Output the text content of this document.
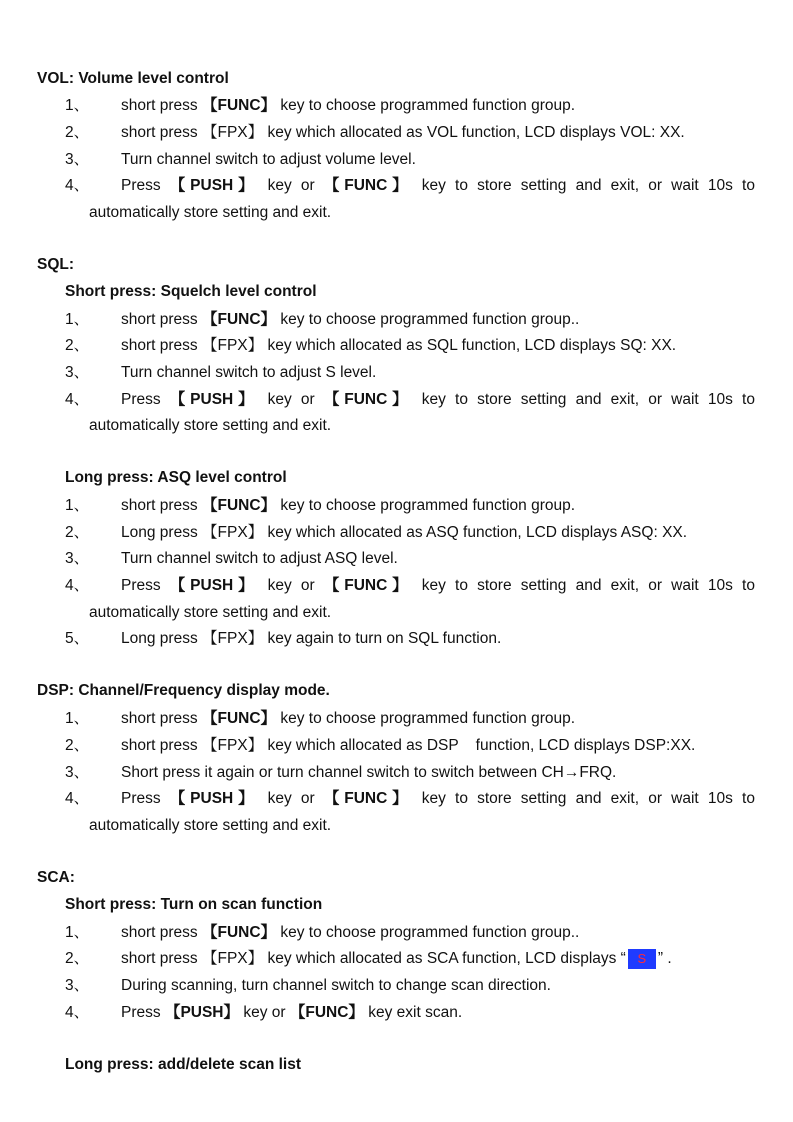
VOL: Volume level control
1、 short press 【FUNC】 key to choose programmed function group.
2、 short press 【FPX】 key which allocated as VOL function, LCD displays VOL: XX.
3、 Turn channel switch to adjust volume level.
4、 Press 【PUSH】 key or 【FUNC】 key to store setting and exit, or wait 10s to
automatically store setting and exit.
SQL:
Short press: Squelch level control
1、 short press 【FUNC】 key to choose programmed function group..
2、 short press 【FPX】 key which allocated as SQL function, LCD displays SQ: XX.
3、 Turn channel switch to adjust S level.
4、 Press 【PUSH】 key or 【FUNC】 key to store setting and exit, or wait 10s to
automatically store setting and exit.
Long press: ASQ level control
1、 short press 【FUNC】 key to choose programmed function group.
2、 Long press 【FPX】 key which allocated as ASQ function, LCD displays ASQ: XX.
3、 Turn channel switch to adjust ASQ level.
4、 Press 【PUSH】 key or 【FUNC】 key to store setting and exit, or wait 10s to
automatically store setting and exit.
5、 Long press 【FPX】 key again to turn on SQL function.
DSP: Channel/Frequency display mode.
1、 short press 【FUNC】 key to choose programmed function group.
2、 short press 【FPX】 key which allocated as DSP    function, LCD displays DSP:XX.
3、 Short press it again or turn channel switch to switch between CH→FRQ.
4、 Press 【PUSH】 key or 【FUNC】 key to store setting and exit, or wait 10s to
automatically store setting and exit.
SCA:
Short press: Turn on scan function
1、 short press 【FUNC】 key to choose programmed function group..
2、 short press 【FPX】 key which allocated as SCA function, LCD displays “ S ” .
3、 During scanning, turn channel switch to change scan direction.
4、 Press 【PUSH】 key or 【FUNC】 key exit scan.
Long press: add/delete scan list
